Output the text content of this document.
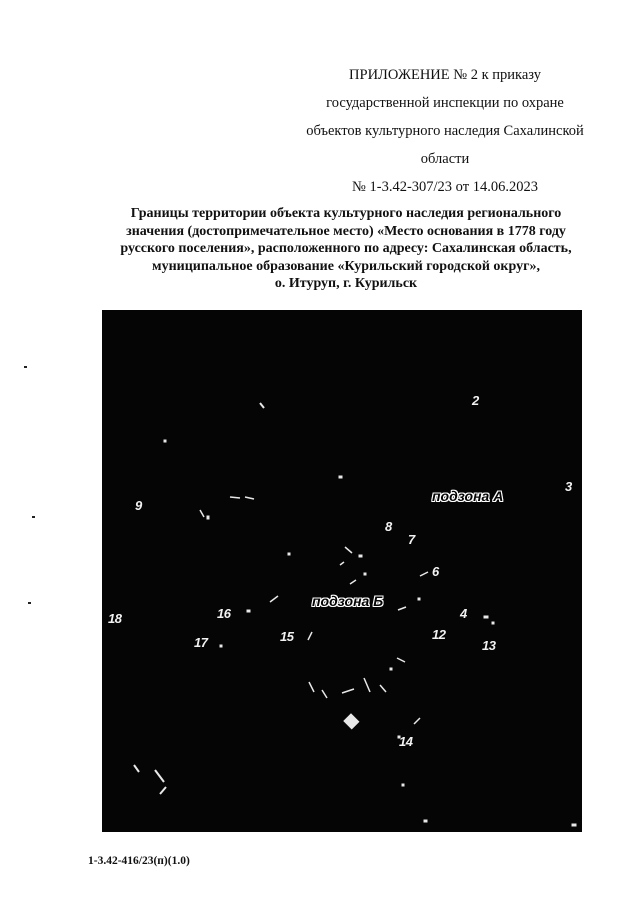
ПРИЛОЖЕНИЕ № 2 к приказу
государственной инспекции по охране
объектов культурного наследия Сахалинской
области
№ 1-3.42-307/23 от 14.06.2023
Границы территории объекта культурного наследия регионального
значения (достопримечательное место) «Место основания в 1778 году
русского поселения», расположенного по адресу: Сахалинская область,
муниципальное образование «Курильский городской округ»,
о. Итуруп, г. Курильск
2
3
9
8
7
6
4
12
13
16
18
17	15
14
подзона А
подзона Б
1-3.42-416/23(п)(1.0)
